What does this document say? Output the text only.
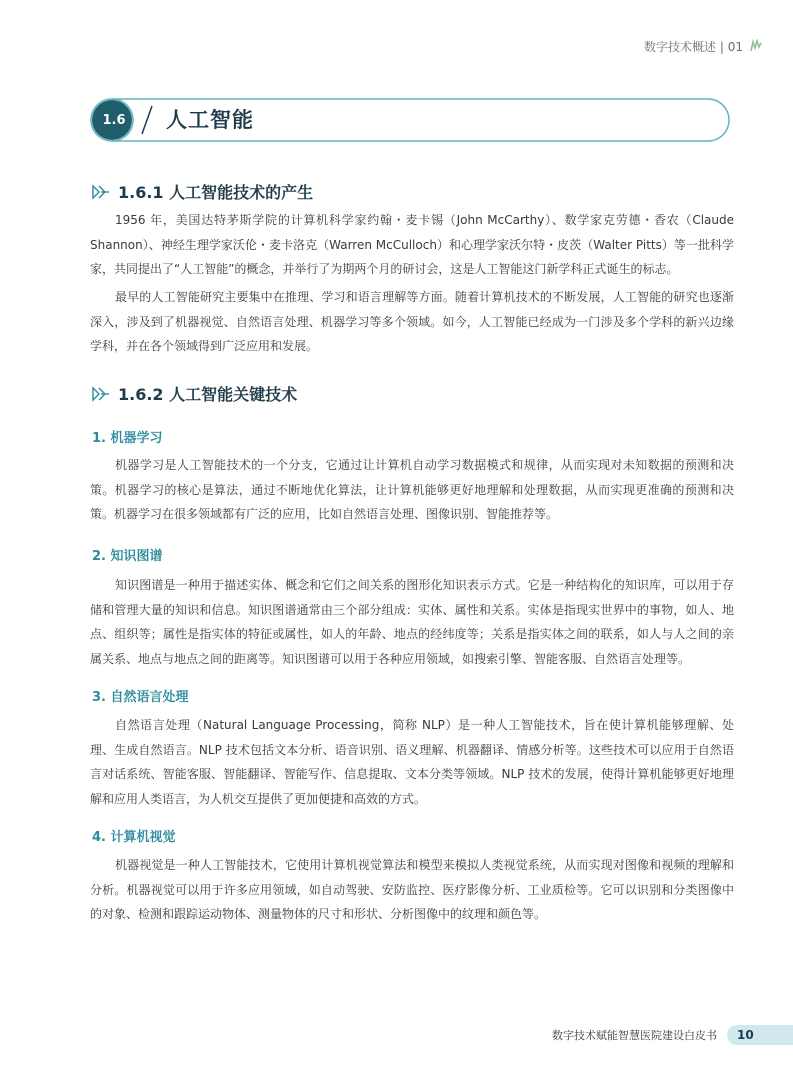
数字技术概述 | 01
1.6	人工智能
1.6.1 人工智能技术的产生

1956 年，美国达特茅斯学院的计算机科学家约翰・麦卡锡（John McCarthy）、数学家克劳德・香农（Claude Shannon）、神经生理学家沃伦・麦卡洛克（Warren McCulloch）和心理学家沃尔特・皮茨（Walter Pitts）等一批科学家，共同提出了“人工智能”的概念，并举行了为期两个月的研讨会，这是人工智能这门新学科正式诞生的标志。

最早的人工智能研究主要集中在推理、学习和语言理解等方面。随着计算机技术的不断发展，人工智能的研究也逐渐深入，涉及到了机器视觉、自然语言处理、机器学习等多个领域。如今，人工智能已经成为一门涉及多个学科的新兴边缘学科，并在各个领域得到广泛应用和发展。

1.6.2 人工智能关键技术
1. 机器学习

机器学习是人工智能技术的一个分支，它通过让计算机自动学习数据模式和规律，从而实现对未知数据的预测和决策。机器学习的核心是算法，通过不断地优化算法，让计算机能够更好地理解和处理数据，从而实现更准确的预测和决策。机器学习在很多领域都有广泛的应用，比如自然语言处理、图像识别、智能推荐等。

2. 知识图谱

知识图谱是一种用于描述实体、概念和它们之间关系的图形化知识表示方式。它是一种结构化的知识库，可以用于存储和管理大量的知识和信息。知识图谱通常由三个部分组成：实体、属性和关系。实体是指现实世界中的事物，如人、地点、组织等；属性是指实体的特征或属性，如人的年龄、地点的经纬度等；关系是指实体之间的联系，如人与人之间的亲属关系、地点与地点之间的距离等。知识图谱可以用于各种应用领域，如搜索引擎、智能客服、自然语言处理等。

3. 自然语言处理

自然语言处理（Natural Language Processing，简称 NLP）是一种人工智能技术，旨在使计算机能够理解、处理、生成自然语言。NLP 技术包括文本分析、语音识别、语义理解、机器翻译、情感分析等。这些技术可以应用于自然语言对话系统、智能客服、智能翻译、智能写作、信息提取、文本分类等领域。NLP 技术的发展，使得计算机能够更好地理解和应用人类语言，为人机交互提供了更加便捷和高效的方式。

4. 计算机视觉

机器视觉是一种人工智能技术，它使用计算机视觉算法和模型来模拟人类视觉系统，从而实现对图像和视频的理解和分析。机器视觉可以用于许多应用领域，如自动驾驶、安防监控、医疗影像分析、工业质检等。它可以识别和分类图像中的对象、检测和跟踪运动物体、测量物体的尺寸和形状、分析图像中的纹理和颜色等。

数字技术赋能智慧医院建设白皮书	10
